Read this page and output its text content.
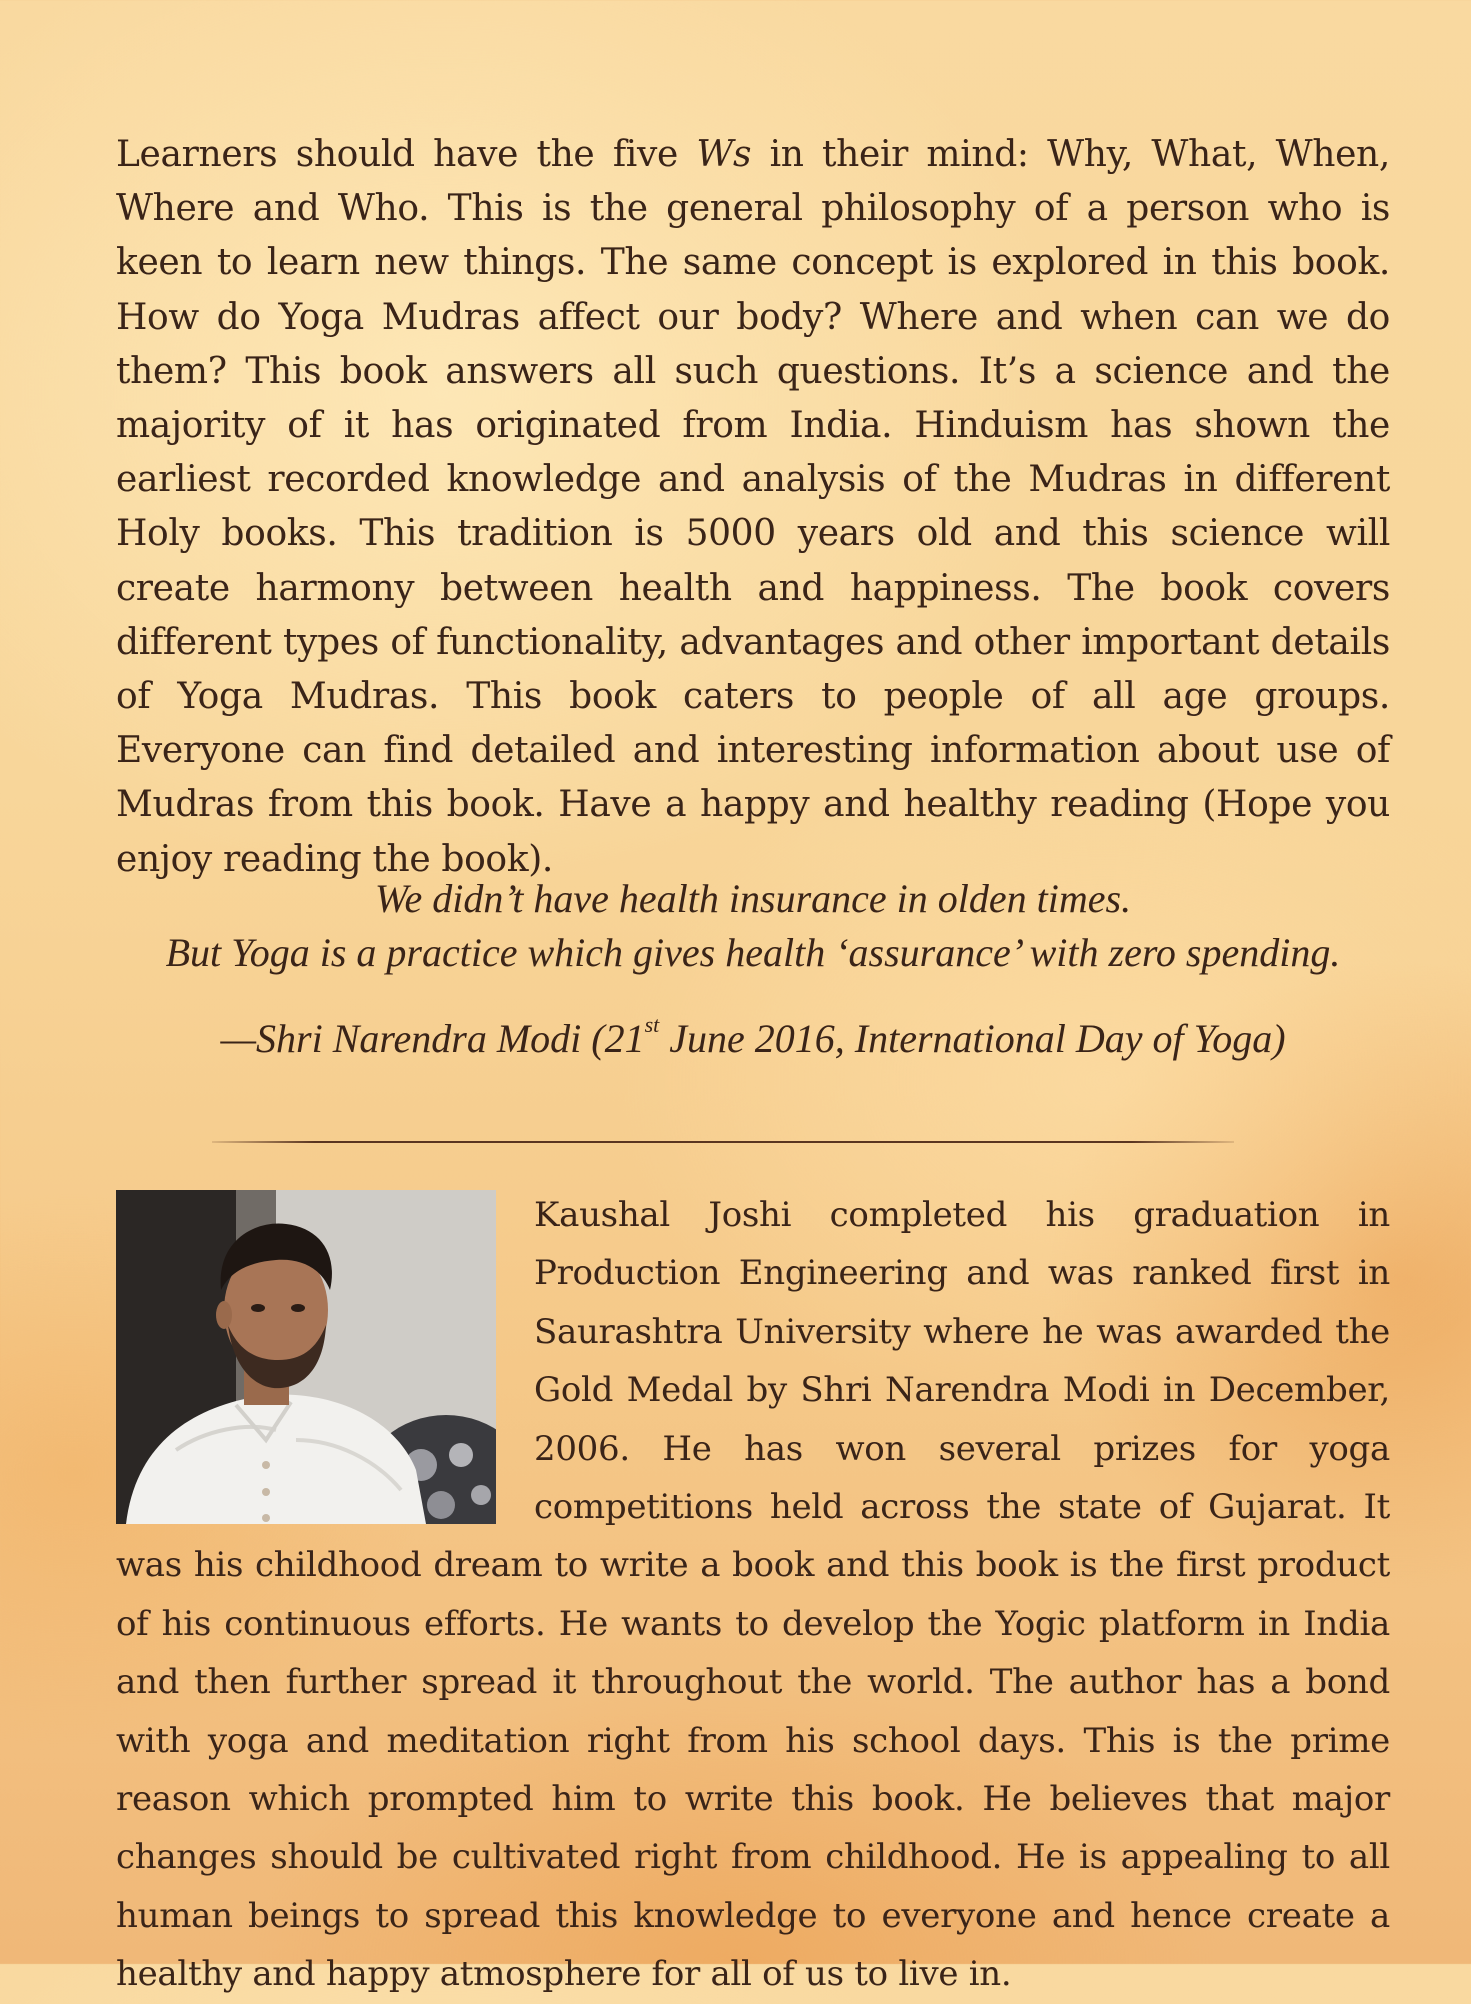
Learners should have the five Ws in their mind: Why, What, When, Where and Who. This is the general philosophy of a person who is keen to learn new things. The same concept is explored in this book. How do Yoga Mudras affect our body? Where and when can we do them? This book answers all such questions. It’s a science and the majority of it has originated from India. Hinduism has shown the earliest recorded knowledge and analysis of the Mudras in different Holy books. This tradition is 5000 years old and this science will create harmony between health and happiness. The book covers different types of functionality, advantages and other important details of Yoga Mudras. This book caters to people of all age groups. Everyone can find detailed and interesting information about use of Mudras from this book. Have a happy and healthy reading (Hope you enjoy reading the book).

We didn’t have health insurance in olden times.
But Yoga is a practice which gives health ‘assurance’ with zero spending.
—Shri Narendra Modi (21st June 2016, International Day of Yoga)
Kaushal Joshi completed his graduation in Production Engineering and was ranked first in Saurashtra University where he was awarded the Gold Medal by Shri Narendra Modi in December, 2006. He has won several prizes for yoga competitions held across the state of Gujarat. It was his childhood dream to write a book and this book is the first product of his continuous efforts. He wants to develop the Yogic platform in India and then further spread it throughout the world. The author has a bond with yoga and meditation right from his school days. This is the prime reason which prompted him to write this book. He believes that major changes should be cultivated right from childhood. He is appealing to all human beings to spread this knowledge to everyone and hence create a healthy and happy atmosphere for all of us to live in.
